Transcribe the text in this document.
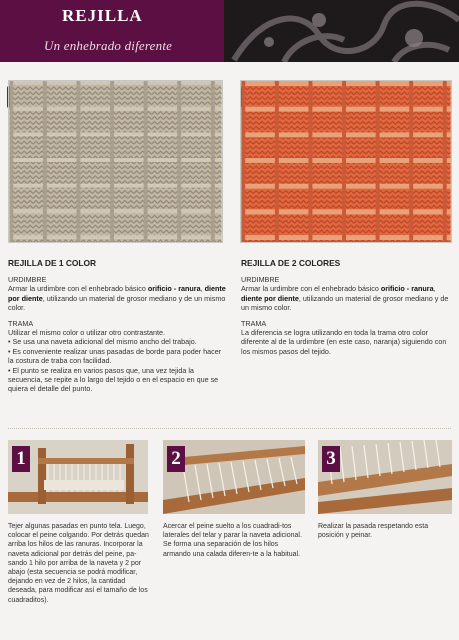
REJILLA
Un enhebrado diferente
REJILLA DE 1 COLOR

URDIMBRE

Armar la urdimbre con el enhebrado básico orificio - ranura, diente por diente, utilizando un material de grosor mediano y de un mismo color.

TRAMA

Utilizar el mismo color o utilizar otro contrastante.

• Se usa una naveta adicional del mismo ancho del trabajo.

• Es conveniente realizar unas pasadas de borde para poder hacer la costura de traba con facilidad.

• El punto se realiza en varios pasos que, una vez tejida la secuencia, se repite a lo largo del tejido o en el espacio en que se quiera el detalle del punto.

REJILLA DE 2 COLORES

URDIMBRE

Armar la urdimbre con el enhebrado básico orificio - ranura, diente por diente, utilizando un material de grosor mediano y de un mismo color.

TRAMA

La diferencia se logra utilizando en toda la trama otro color diferente al de la urdimbre (en este caso, naranja) siguiendo con los mismos pasos del tejido.

1	2	3
Tejer algunas pasadas en punto tela. Luego, colocar el peine colgando. Por detrás quedan arriba los hilos de las ranuras. Incorporar la naveta adicional por detrás del peine, pa-sando 1 hilo por arriba de la naveta y 2 por abajo (esta secuencia se podrá modificar, dejando en vez de 2 hilos, la cantidad deseada, para modificar así el tamaño de los cuadraditos).
Acercar el peine suelto a los cuadradi-tos laterales del telar y parar la naveta adicional. Se forma una separación de los hilos armando una calada diferen-te a la habitual.
Realizar la pasada respetando esta posición y peinar.
